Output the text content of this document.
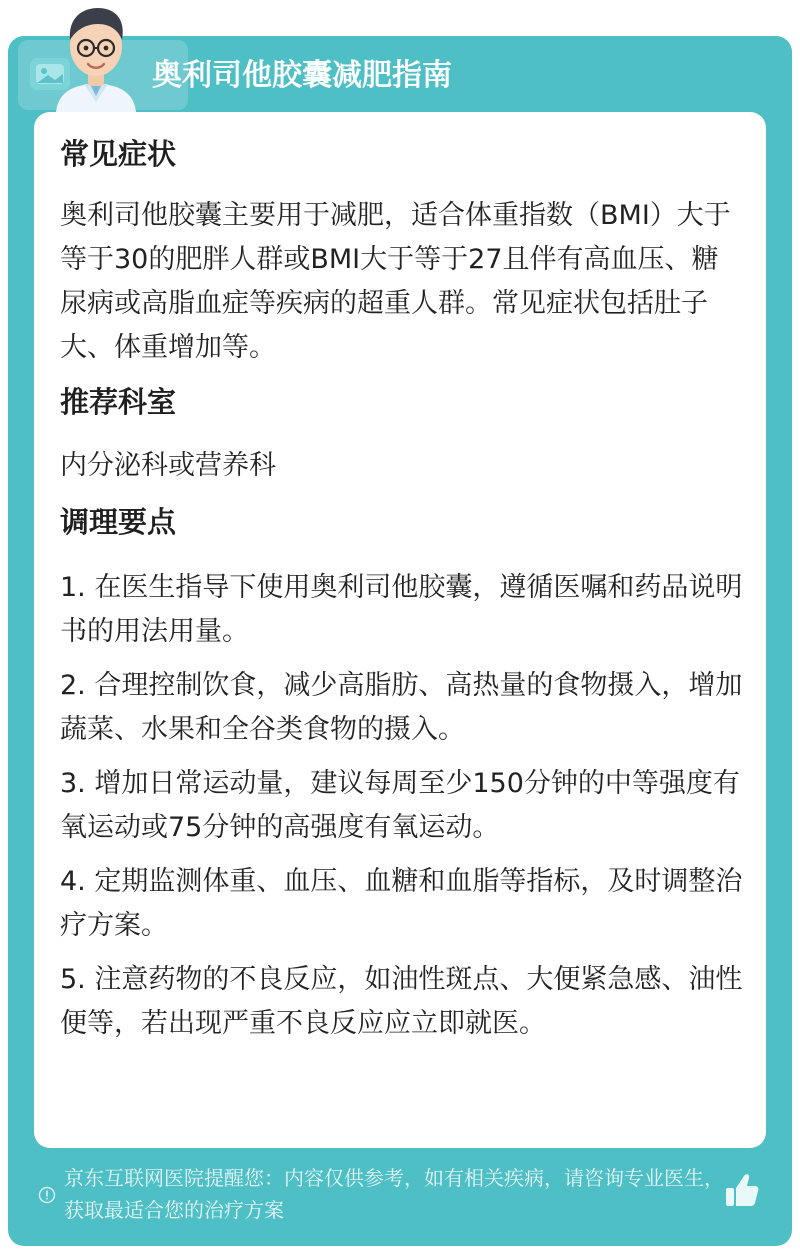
奥利司他胶囊减肥指南
常见症状

奥利司他胶囊主要用于减肥，适合体重指数（BMI）大于等于30的肥胖人群或BMI大于等于27且伴有高血压、糖尿病或高脂血症等疾病的超重人群。常见症状包括肚子大、体重增加等。

推荐科室

内分泌科或营养科

调理要点

1. 在医生指导下使用奥利司他胶囊，遵循医嘱和药品说明书的用法用量。

2. 合理控制饮食，减少高脂肪、高热量的食物摄入，增加蔬菜、水果和全谷类食物的摄入。

3. 增加日常运动量，建议每周至少150分钟的中等强度有氧运动或75分钟的高强度有氧运动。

4. 定期监测体重、血压、血糖和血脂等指标，及时调整治疗方案。

5. 注意药物的不良反应，如油性斑点、大便紧急感、油性便等，若出现严重不良反应应立即就医。

京东互联网医院提醒您：内容仅供参考，如有相关疾病，请咨询专业医生，获取最适合您的治疗方案
